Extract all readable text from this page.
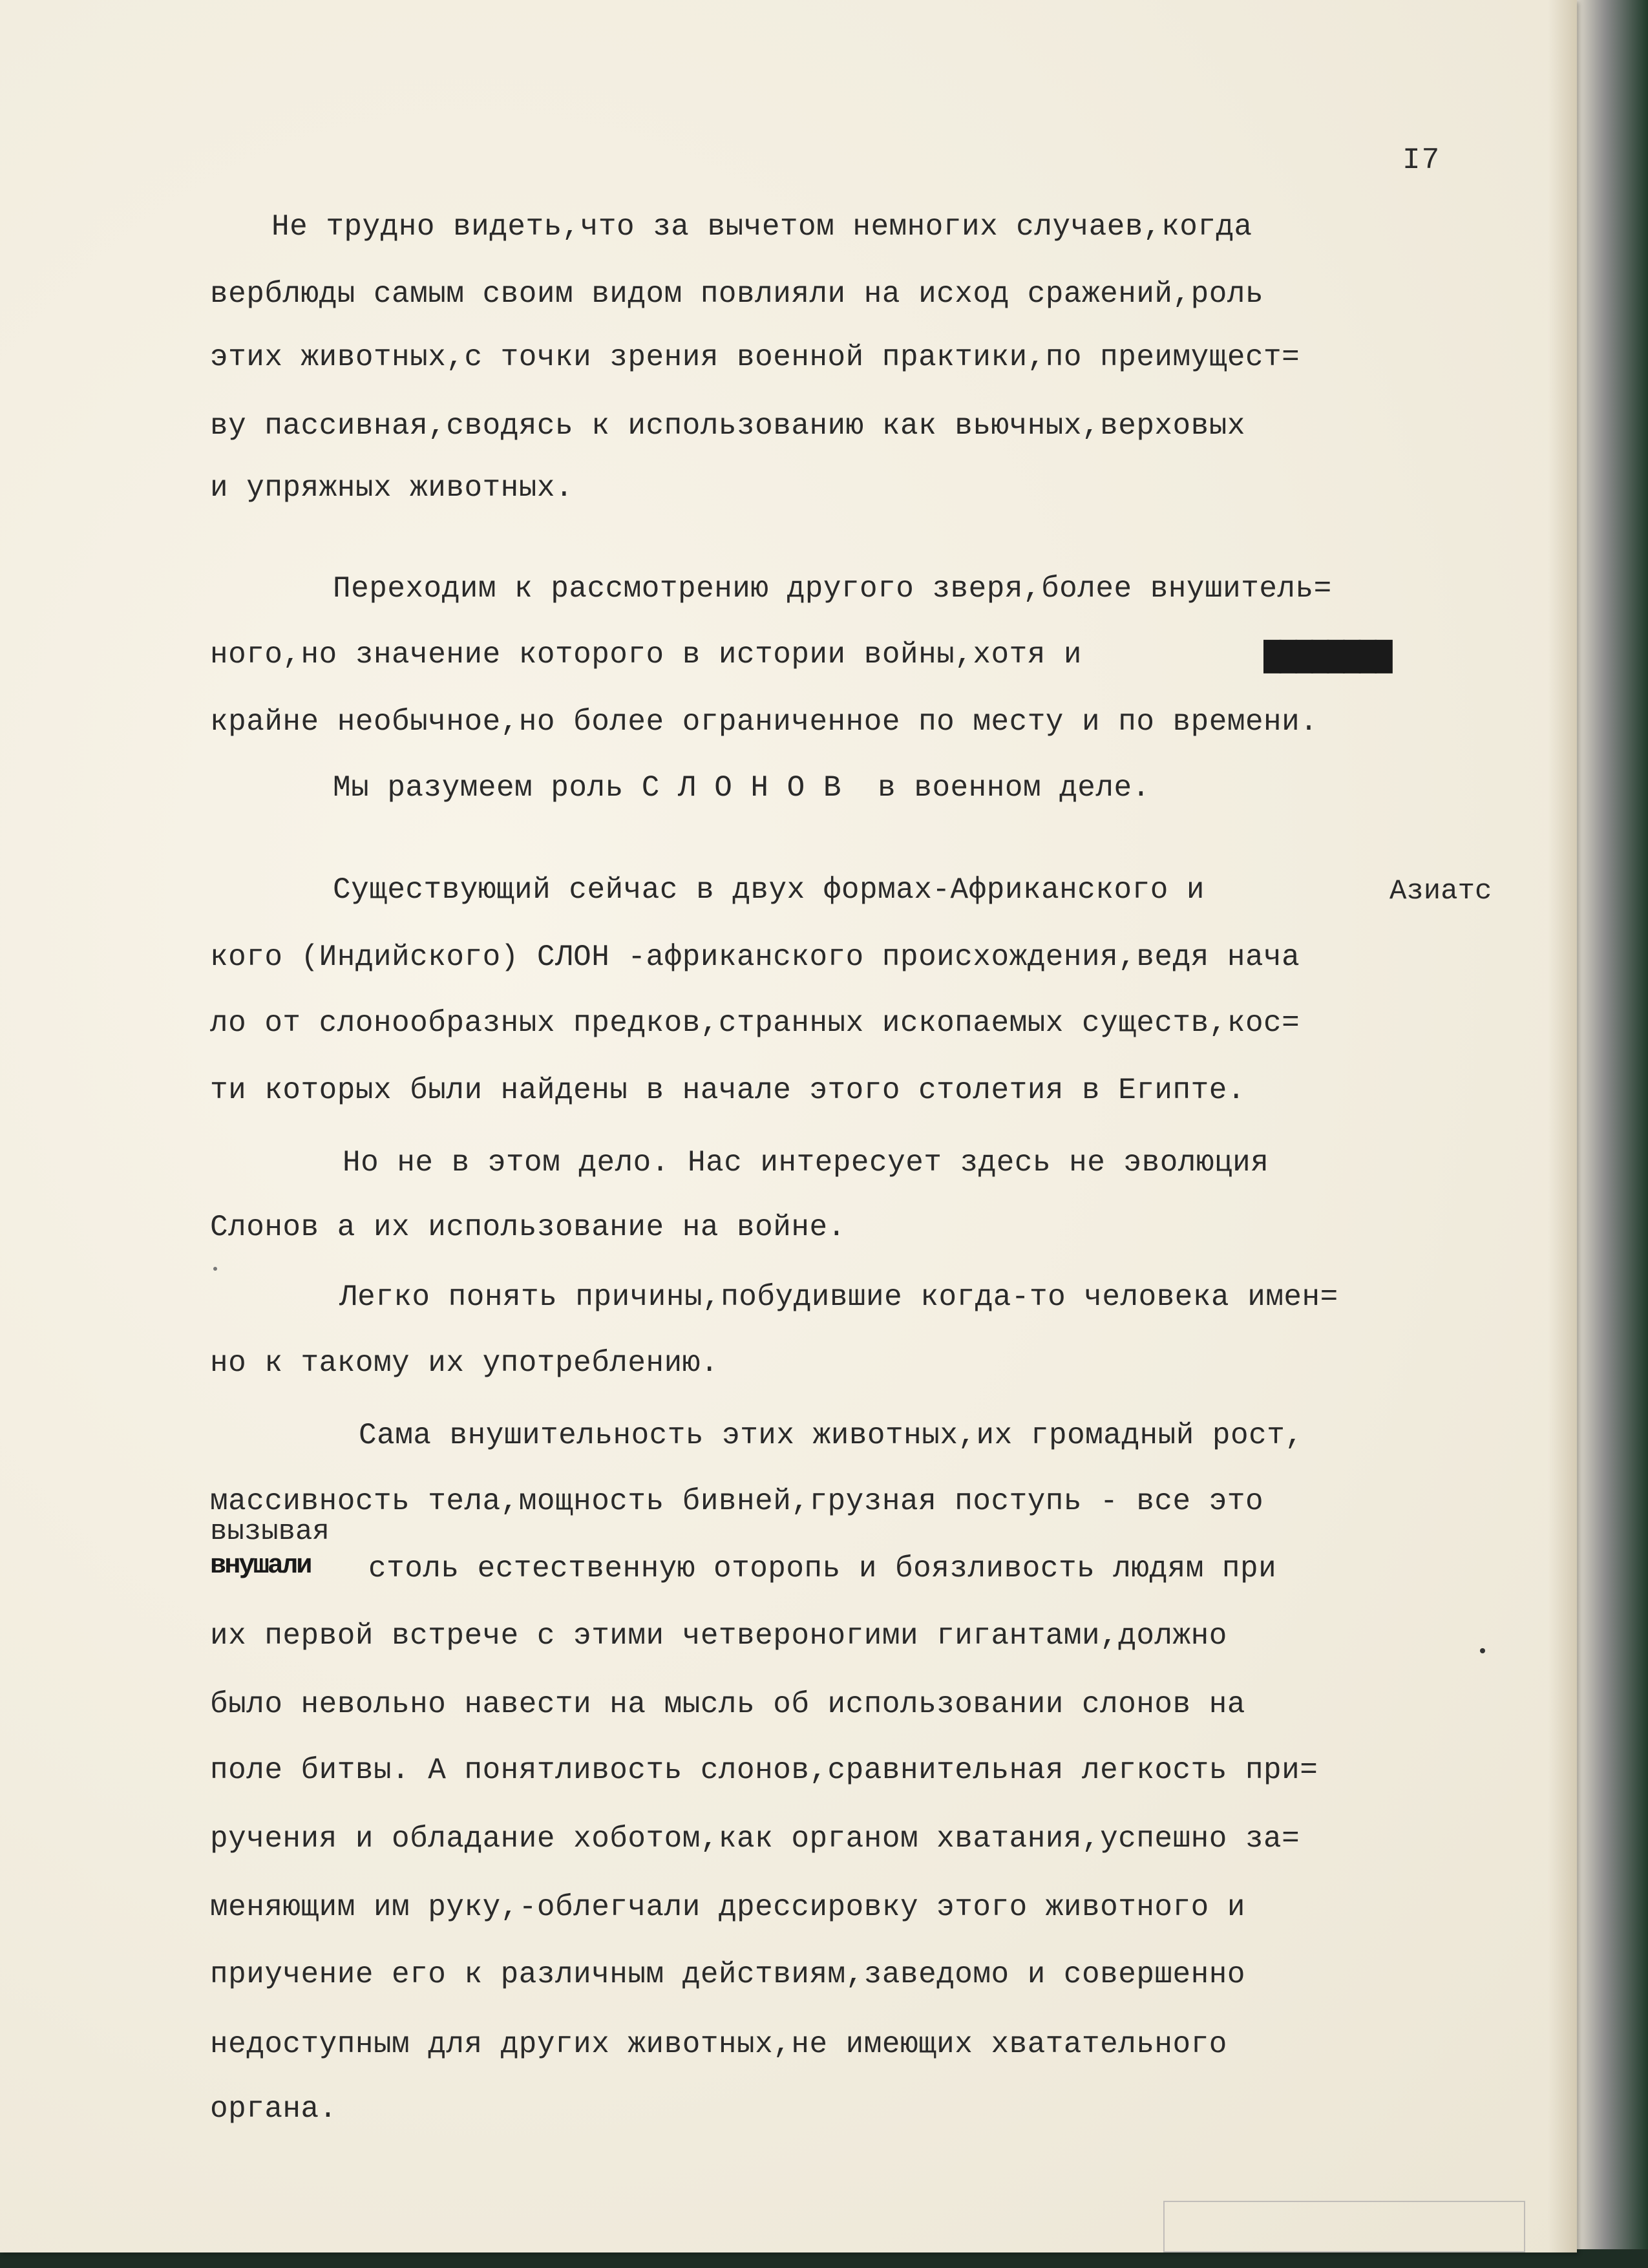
I7
Не трудно видеть,что за вычетом немногих случаев,когда
верблюды самым своим видом повлияли на исход сражений,роль
этих животных,с точки зрения военной практики,по преимущест=
ву пассивная,сводясь к использованию как вьючных,верховых
и упряжных животных.
Переходим к рассмотрению другого зверя,более внушитель=
ного,но значение которого в истории войны,хотя и	████████
крайне необычное,но более ограниченное по месту и по времени.
Мы разумеем роль С Л О Н О В  в военном деле.
Существующий сейчас в двух формах-Африканского и	Азиатс
кого (Индийского) СЛОН -африканского происхождения,ведя нача
ло от слонообразных предков,странных ископаемых существ,кос=
ти которых были найдены в начале этого столетия в Египте.
Но не в этом дело. Нас интересует здесь не эволюция
Слонов а их использование на войне.
Легко понять причины,побудившие когда-то человека имен=
но к такому их употреблению.
Сама внушительность этих животных,их громадный рост,
массивность тела,мощность бивней,грузная поступь - все это
вызывая
внушали столь естественную оторопь и боязливость людям при
их первой встрече с этими четвероногими гигантами,должно
было невольно навести на мысль об использовании слонов на
поле битвы. А понятливость слонов,сравнительная легкость при=
ручения и обладание хоботом,как органом хватания,успешно за=
меняющим им руку,-облегчали дрессировку этого животного и
приучение его к различным действиям,заведомо и совершенно
недоступным для других животных,не имеющих хватательного
органа.
